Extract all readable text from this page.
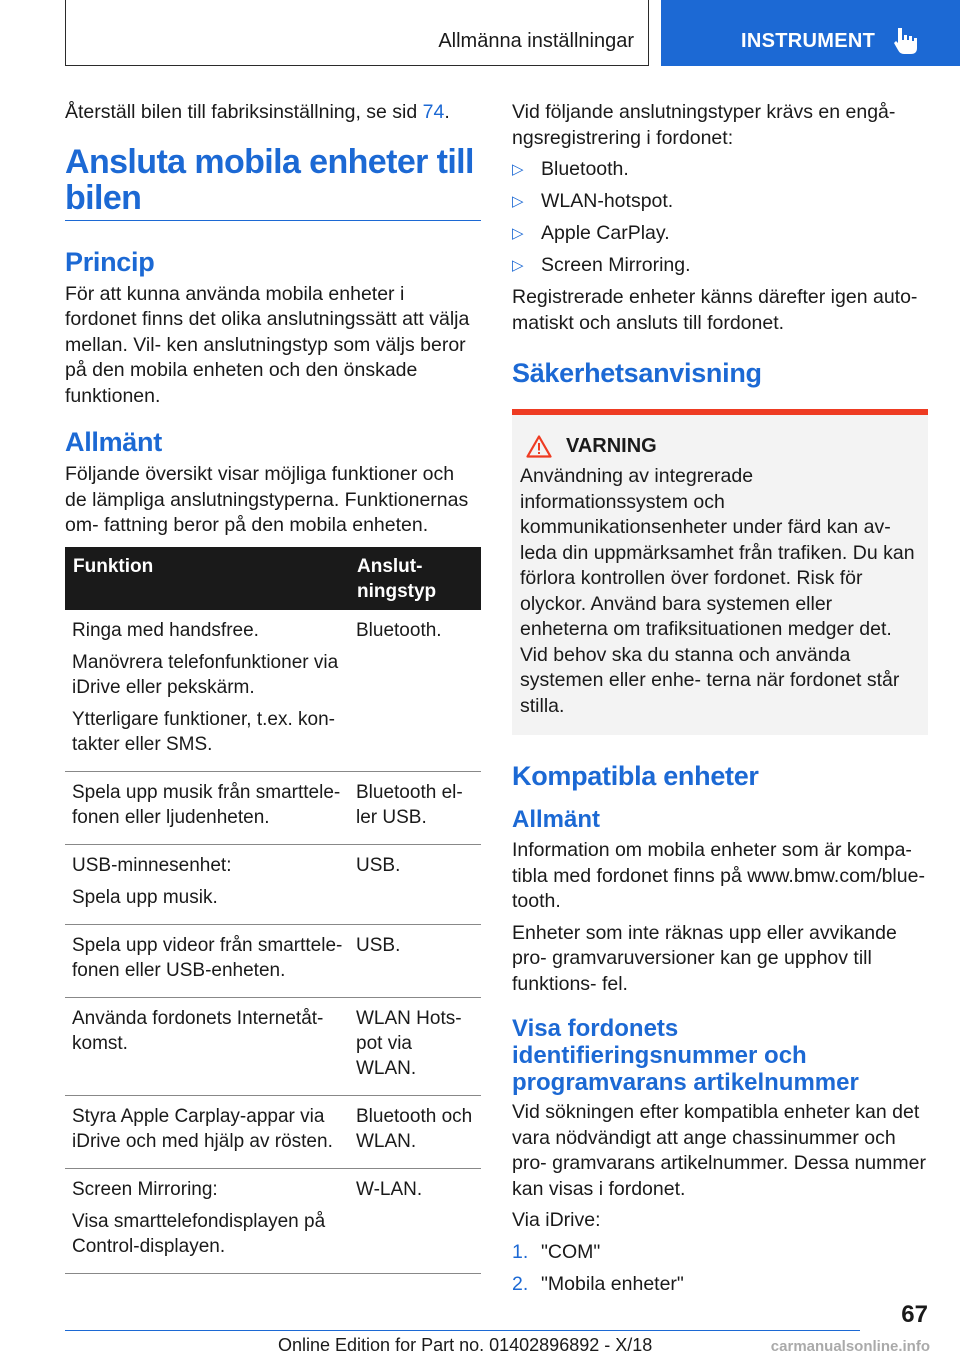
Allmänna inställningar	INSTRUMENT

Återställ bilen till fabriksinställning, se sid 74.

Ansluta mobila enheter till bilen
Princip

För att kunna använda mobila enheter i fordonet finns det olika anslutningssätt att välja mellan. Vil- ken anslutningstyp som väljs beror på den mobila enheten och den önskade funktionen.

Allmänt

Följande översikt visar möjliga funktioner och de lämpliga anslutningstyperna. Funktionernas om- fattning beror på den mobila enheten.

Funktion	Anslut- ningstyp

Ringa med handsfree.
Manövrera telefonfunktioner via iDrive eller pekskärm.
Ytterligare funktioner, t.ex. kon- takter eller SMS.	Bluetooth.

Spela upp musik från smarttele- fonen eller ljudenheten.	Bluetooth el- ler USB.

USB-minnesenhet:
Spela upp musik.	USB.

Spela upp videor från smarttele- fonen eller USB-enheten.	USB.

Använda fordonets Internetåt- komst.	WLAN Hots- pot via WLAN.

Styra Apple Carplay-appar via iDrive och med hjälp av rösten.	Bluetooth och WLAN.

Screen Mirroring:
Visa smarttelefondisplayen på Control-displayen.	W-LAN.

Vid följande anslutningstyper krävs en engå- ngsregistrering i fordonet:

▷ Bluetooth.
▷ WLAN-hotspot.
▷ Apple CarPlay.
▷ Screen Mirroring.

Registrerade enheter känns därefter igen auto- matiskt och ansluts till fordonet.

Säkerhetsanvisning
VARNING

Användning av integrerade informationssystem och kommunikationsenheter under färd kan av- leda din uppmärksamhet från trafiken. Du kan förlora kontrollen över fordonet. Risk för olyckor. Använd bara systemen eller enheterna om trafiksituationen medger det. Vid behov ska du stanna och använda systemen eller enhe- terna när fordonet står stilla.

Kompatibla enheter
Allmänt

Information om mobila enheter som är kompa- tibla med fordonet finns på www.bmw.com/blue- tooth.

Enheter som inte räknas upp eller avvikande pro- gramvaruversioner kan ge upphov till funktions- fel.

Visa fordonets identifieringsnummer och programvarans artikelnummer

Vid sökningen efter kompatibla enheter kan det vara nödvändigt att ange chassinummer och pro- gramvarans artikelnummer. Dessa nummer kan visas i fordonet.

Via iDrive:

1. "COM"
2. "Mobila enheter"
67
Online Edition for Part no. 01402896892 - X/18	carmanualsonline.info
